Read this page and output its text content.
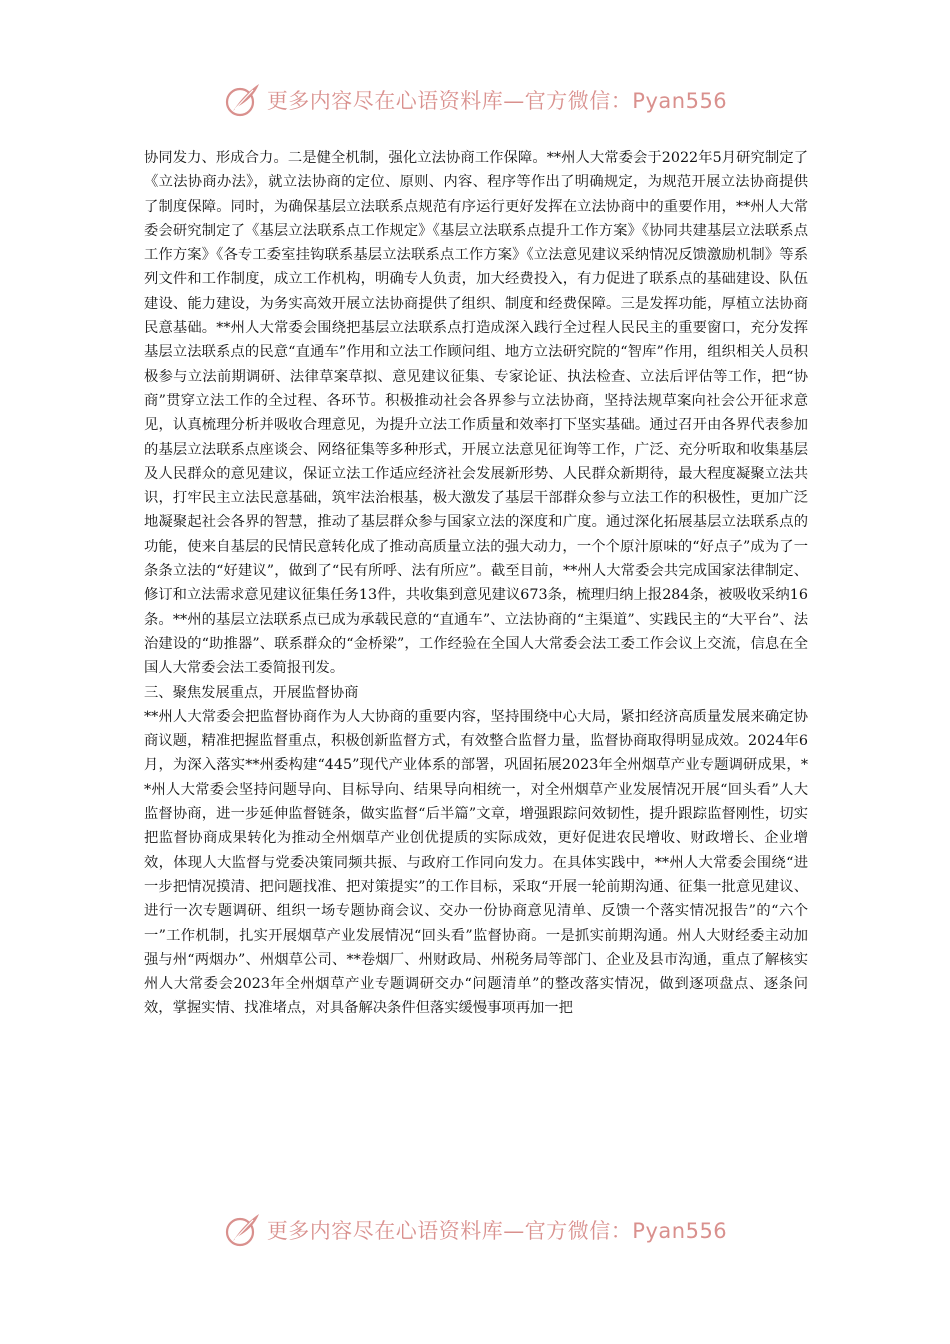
更多内容尽在心语资料库—官方微信：Pyan556

协同发力、形成合力。二是健全机制，强化立法协商工作保障。**州人大常委会于2022年5月研究制定了《立法协商办法》，就立法协商的定位、原则、内容、程序等作出了明确规定，为规范开展立法协商提供了制度保障。同时，为确保基层立法联系点规范有序运行更好发挥在立法协商中的重要作用，**州人大常委会研究制定了《基层立法联系点工作规定》《基层立法联系点提升工作方案》《协同共建基层立法联系点工作方案》《各专工委室挂钩联系基层立法联系点工作方案》《立法意见建议采纳情况反馈激励机制》等系列文件和工作制度，成立工作机构，明确专人负责，加大经费投入，有力促进了联系点的基础建设、队伍建设、能力建设，为务实高效开展立法协商提供了组织、制度和经费保障。三是发挥功能，厚植立法协商民意基础。**州人大常委会围绕把基层立法联系点打造成深入践行全过程人民民主的重要窗口，充分发挥基层立法联系点的民意“直通车”作用和立法工作顾问组、地方立法研究院的“智库”作用，组织相关人员积极参与立法前期调研、法律草案草拟、意见建议征集、专家论证、执法检查、立法后评估等工作，把“协商”贯穿立法工作的全过程、各环节。积极推动社会各界参与立法协商，坚持法规草案向社会公开征求意见，认真梳理分析并吸收合理意见，为提升立法工作质量和效率打下坚实基础。通过召开由各界代表参加的基层立法联系点座谈会、网络征集等多种形式，开展立法意见征询等工作，广泛、充分听取和收集基层及人民群众的意见建议，保证立法工作适应经济社会发展新形势、人民群众新期待，最大程度凝聚立法共识，打牢民主立法民意基础，筑牢法治根基，极大激发了基层干部群众参与立法工作的积极性，更加广泛地凝聚起社会各界的智慧，推动了基层群众参与国家立法的深度和广度。通过深化拓展基层立法联系点的功能，使来自基层的民情民意转化成了推动高质量立法的强大动力，一个个原汁原味的“好点子”成为了一条条立法的“好建议”，做到了“民有所呼、法有所应”。截至目前，**州人大常委会共完成国家法律制定、修订和立法需求意见建议征集任务13件，共收集到意见建议673条，梳理归纳上报284条，被吸收采纳16条。**州的基层立法联系点已成为承载民意的“直通车”、立法协商的“主渠道”、实践民主的“大平台”、法治建设的“助推器”、联系群众的“金桥梁”，工作经验在全国人大常委会法工委工作会议上交流，信息在全国人大常委会法工委简报刊发。

三、聚焦发展重点，开展监督协商

**州人大常委会把监督协商作为人大协商的重要内容，坚持围绕中心大局，紧扣经济高质量发展来确定协商议题，精准把握监督重点，积极创新监督方式，有效整合监督力量，监督协商取得明显成效。2024年6月，为深入落实**州委构建“445”现代产业体系的部署，巩固拓展2023年全州烟草产业专题调研成果，**州人大常委会坚持问题导向、目标导向、结果导向相统一，对全州烟草产业发展情况开展“回头看”人大监督协商，进一步延伸监督链条，做实监督“后半篇”文章，增强跟踪问效韧性，提升跟踪监督刚性，切实把监督协商成果转化为推动全州烟草产业创优提质的实际成效，更好促进农民增收、财政增长、企业增效，体现人大监督与党委决策同频共振、与政府工作同向发力。在具体实践中，**州人大常委会围绕“进一步把情况摸清、把问题找准、把对策提实”的工作目标，采取“开展一轮前期沟通、征集一批意见建议、进行一次专题调研、组织一场专题协商会议、交办一份协商意见清单、反馈一个落实情况报告”的“六个一”工作机制，扎实开展烟草产业发展情况“回头看”监督协商。一是抓实前期沟通。州人大财经委主动加强与州“两烟办”、州烟草公司、**卷烟厂、州财政局、州税务局等部门、企业及县市沟通，重点了解核实州人大常委会2023年全州烟草产业专题调研交办“问题清单”的整改落实情况，做到逐项盘点、逐条问效，掌握实情、找准堵点，对具备解决条件但落实缓慢事项再加一把

更多内容尽在心语资料库—官方微信：Pyan556
